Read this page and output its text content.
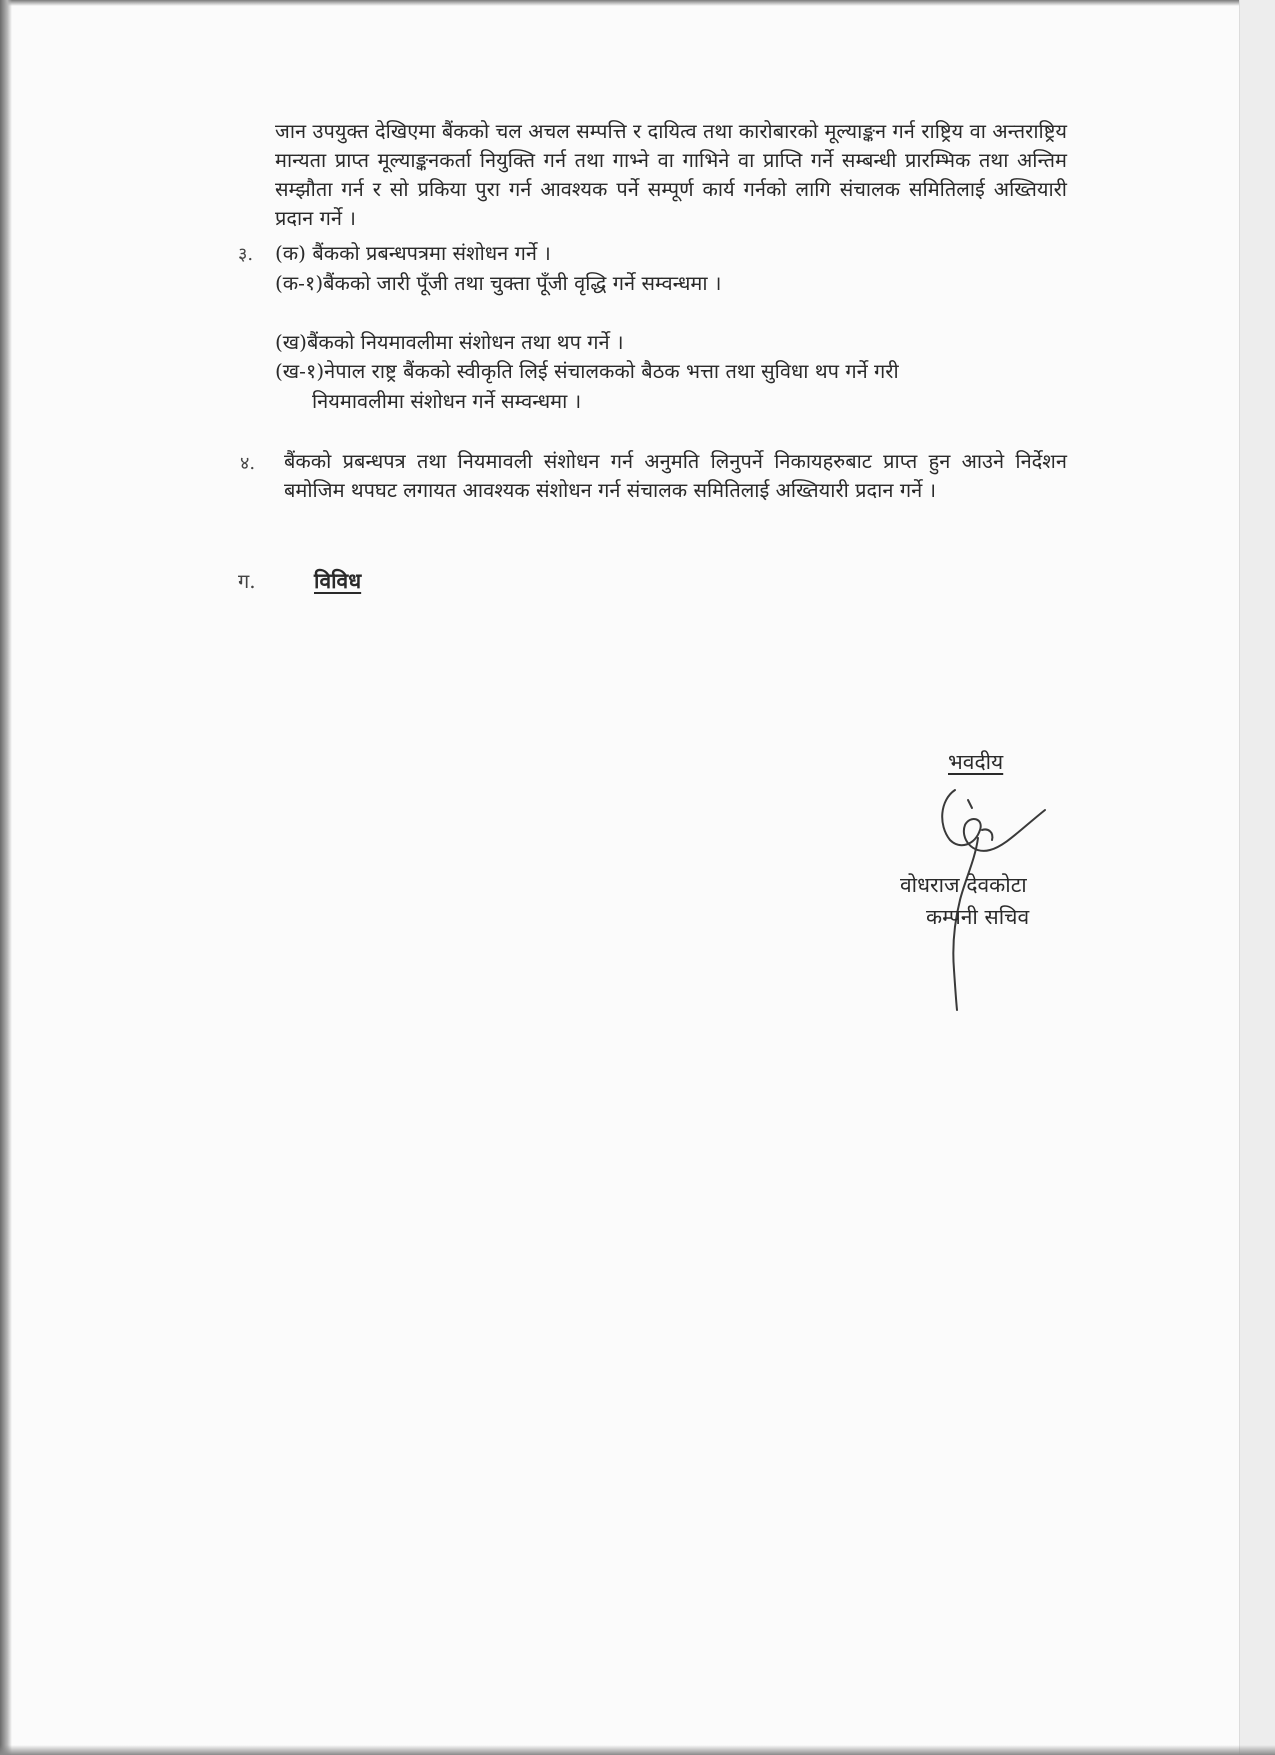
जान उपयुक्त देखिएमा बैंकको चल अचल सम्पत्ति र दायित्व तथा कारोबारको मूल्याङ्कन गर्न राष्ट्रिय वा अन्तराष्ट्रिय मान्यता प्राप्त मूल्याङ्कनकर्ता नियुक्ति गर्न तथा गाभ्ने वा गाभिने वा प्राप्ति गर्ने सम्बन्धी प्रारम्भिक तथा अन्तिम सम्झौता गर्न र सो प्रकिया पुरा गर्न आवश्यक पर्ने सम्पूर्ण कार्य गर्नको लागि संचालक समितिलाई अख्तियारी प्रदान गर्ने ।
३. (क) बैंकको प्रबन्धपत्रमा संशोधन गर्ने ।
(क-१)बैंकको जारी पूँजी तथा चुक्ता पूँजी वृद्धि गर्ने सम्वन्धमा ।
(ख)बैंकको नियमावलीमा संशोधन तथा थप गर्ने ।
(ख-१)नेपाल राष्ट्र बैंकको स्वीकृति लिई संचालकको बैठक भत्ता तथा सुविधा थप गर्ने गरी
नियमावलीमा संशोधन गर्ने सम्वन्धमा ।
४. बैंकको प्रबन्धपत्र तथा नियमावली संशोधन गर्न अनुमति लिनुपर्ने निकायहरुबाट प्राप्त हुन आउने निर्देशन बमोजिम थपघट लगायत आवश्यक संशोधन गर्न संचालक समितिलाई अख्तियारी प्रदान गर्ने ।
ग.	विविध
भवदीय
वोधराज देवकोटा
कम्पनी सचिव
